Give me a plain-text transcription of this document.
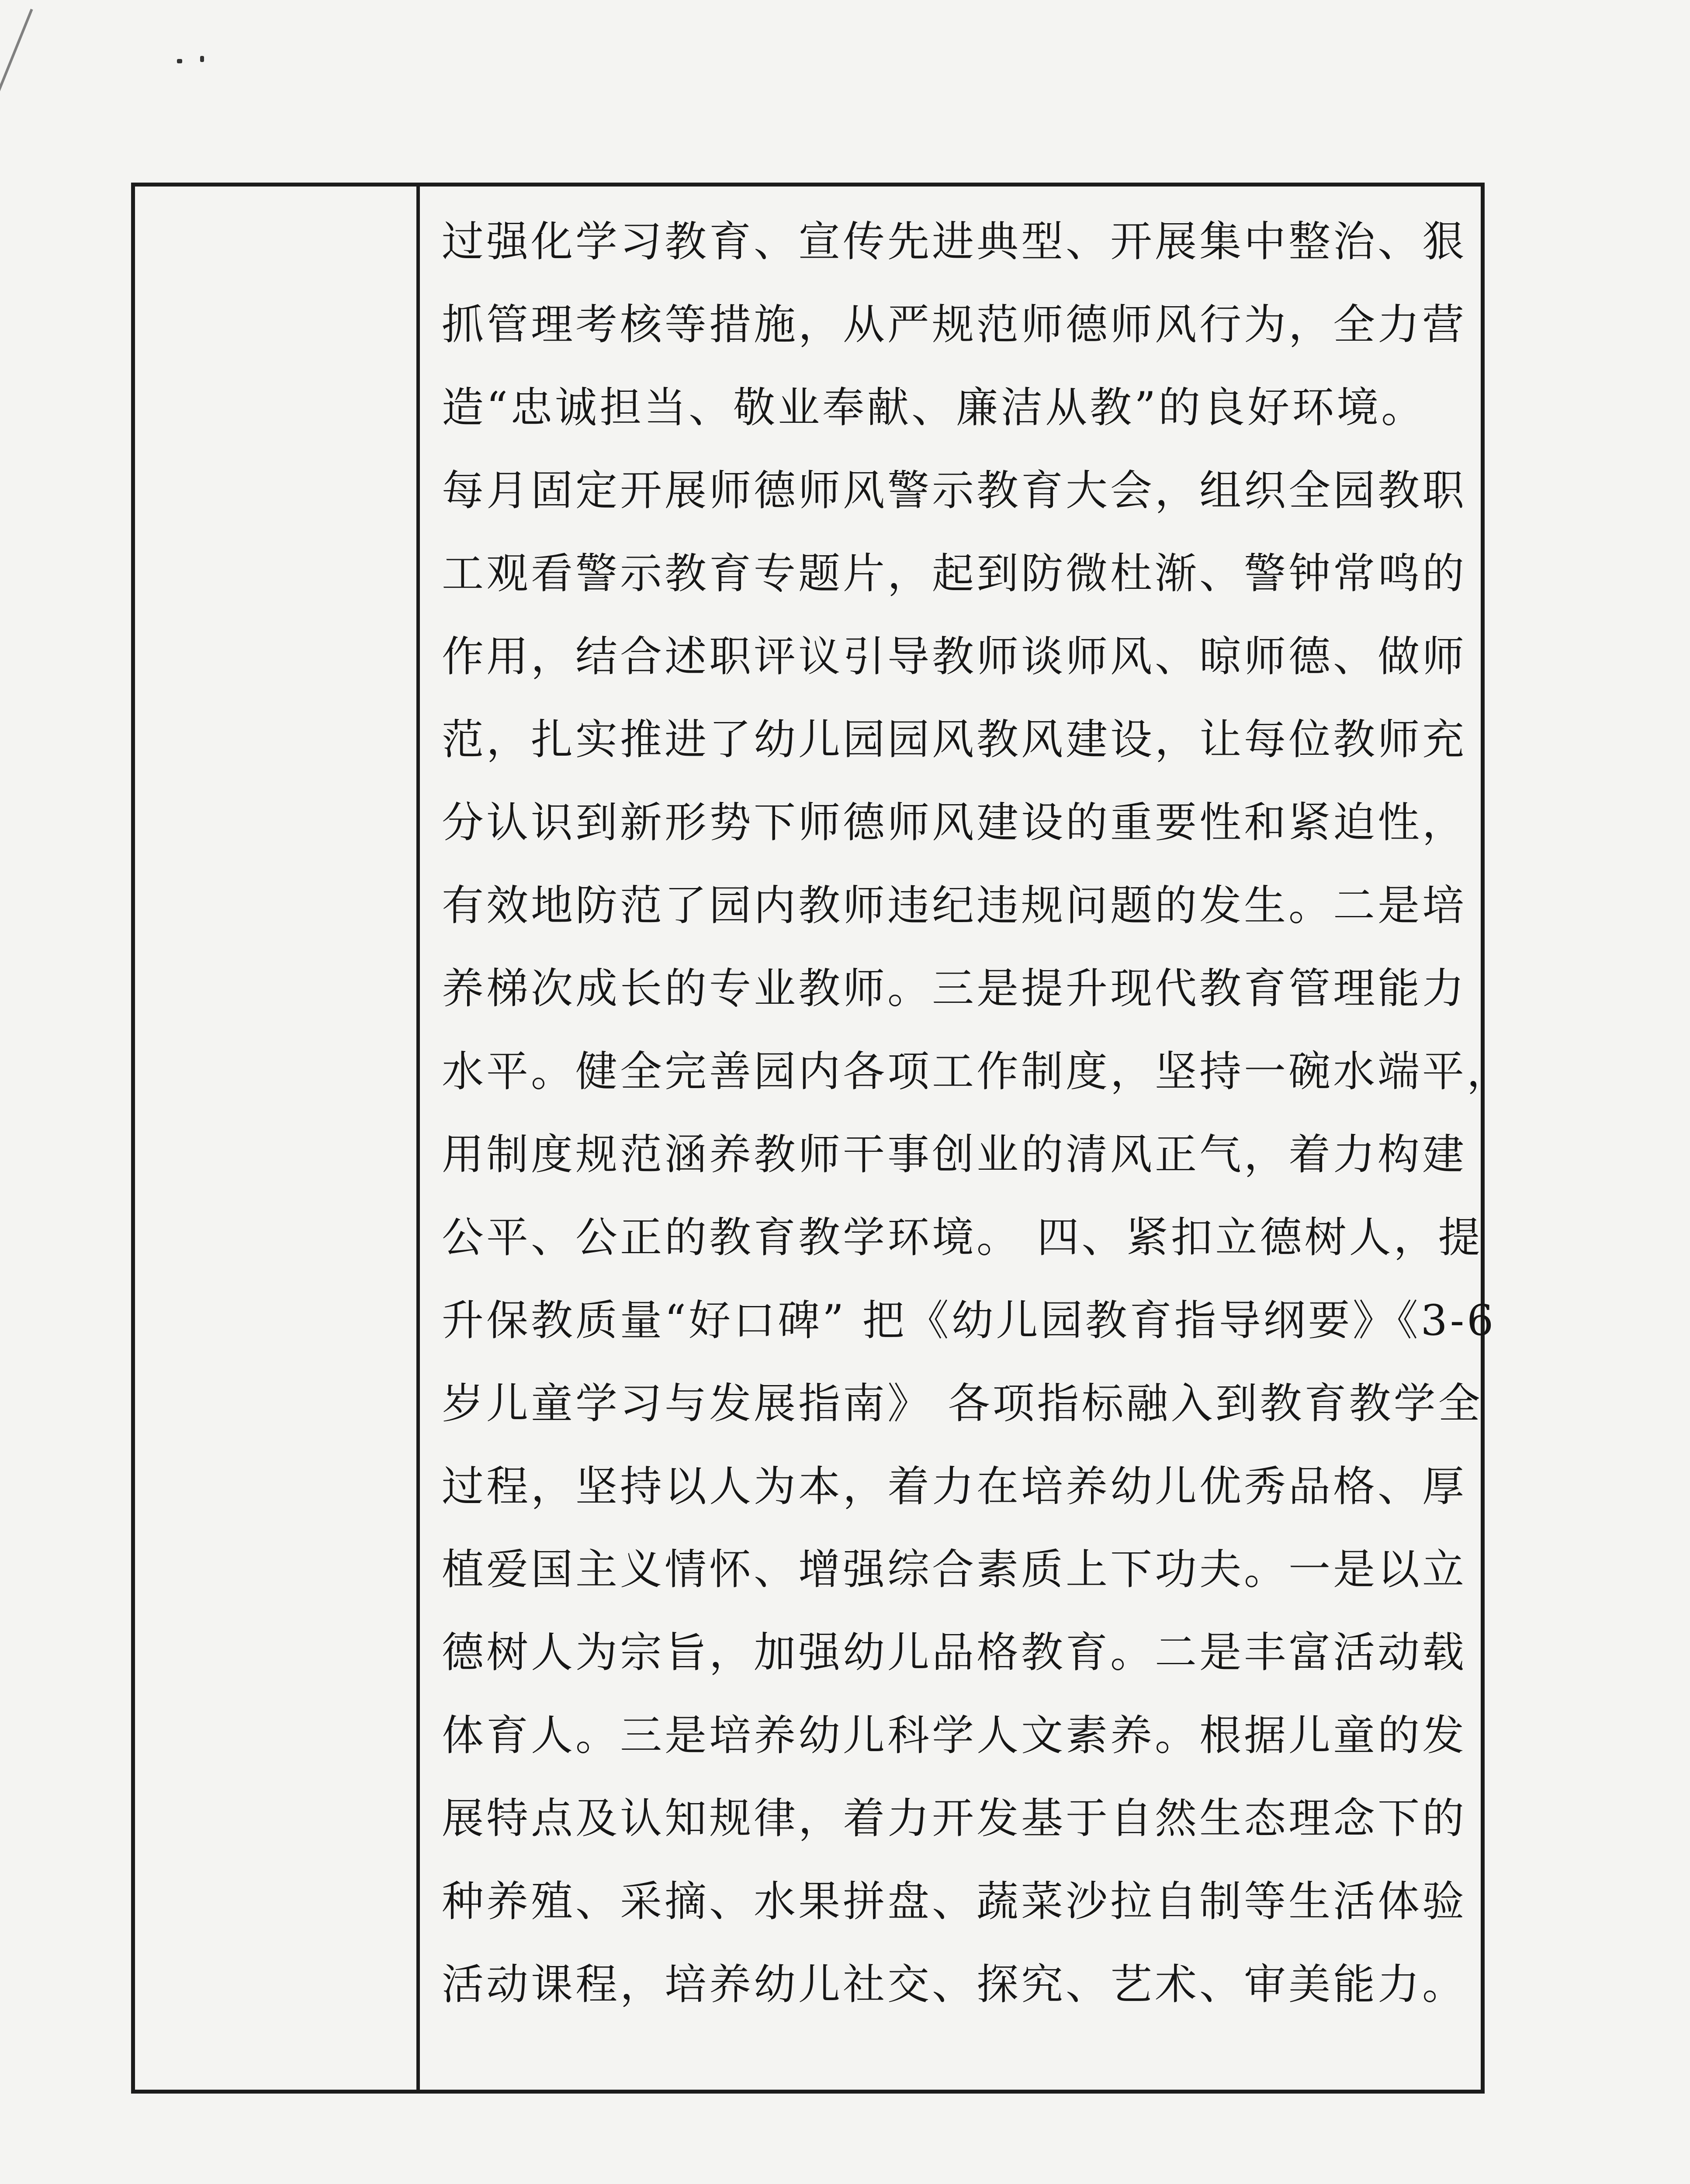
过强化学习教育、宣传先进典型、开展集中整治、狠

抓管理考核等措施，从严规范师德师风行为，全力营

造“忠诚担当、敬业奉献、廉洁从教”的良好环境。

每月固定开展师德师风警示教育大会，组织全园教职

工观看警示教育专题片，起到防微杜渐、警钟常鸣的

作用，结合述职评议引导教师谈师风、晾师德、做师

范，扎实推进了幼儿园园风教风建设，让每位教师充

分认识到新形势下师德师风建设的重要性和紧迫性，

有效地防范了园内教师违纪违规问题的发生。二是培

养梯次成长的专业教师。三是提升现代教育管理能力

水平。健全完善园内各项工作制度，坚持一碗水端平，

用制度规范涵养教师干事创业的清风正气，着力构建

公平、公正的教育教学环境。 四、紧扣立德树人，提

升保教质量“好口碑” 把《幼儿园教育指导纲要》《3-6

岁儿童学习与发展指南》 各项指标融入到教育教学全

过程，坚持以人为本，着力在培养幼儿优秀品格、厚

植爱国主义情怀、增强综合素质上下功夫。一是以立

德树人为宗旨，加强幼儿品格教育。二是丰富活动载

体育人。三是培养幼儿科学人文素养。根据儿童的发

展特点及认知规律，着力开发基于自然生态理念下的

种养殖、采摘、水果拼盘、蔬菜沙拉自制等生活体验

活动课程，培养幼儿社交、探究、艺术、审美能力。
